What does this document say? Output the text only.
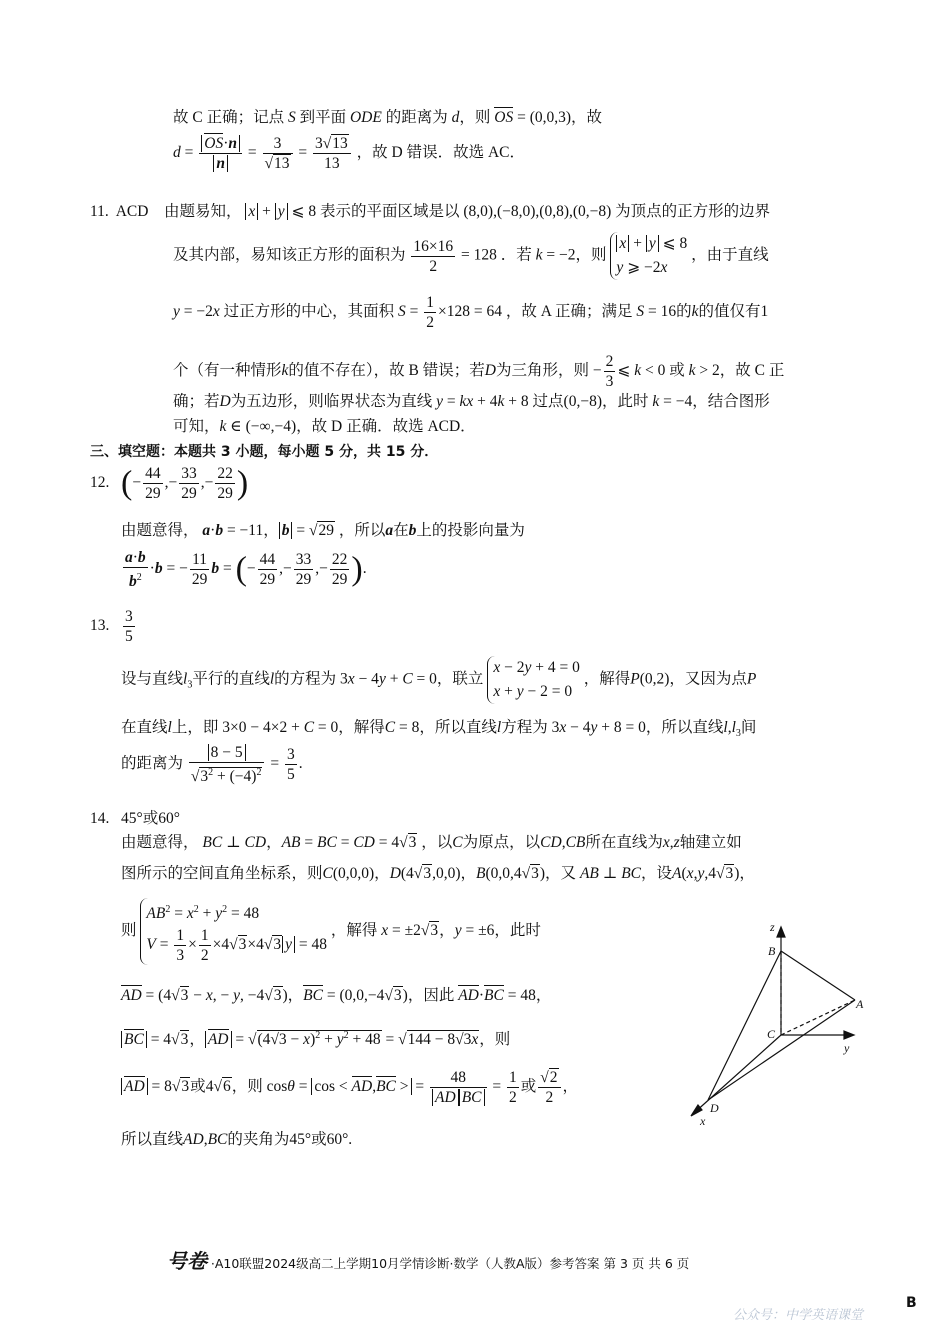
故 C 正确；记点 S 到平面 ODE 的距离为 d，则 OS = (0,0,3)，故
$d = \frac{OS\cdot n}{n} = \frac{3}{√13} = \frac{3√13}{13}$ ，故 D 错误．故选 AC．
11. ACD 由题易知， x + y ⩽ 8 表示的平面区域是以 (8,0),(−8,0),(0,8),(0,−8) 为顶点的正方形的边界
及其内部，易知该正方形的面积为 $\frac{16\times 16}{2} = 128$ ．若 k = −2，则
x + y ⩽ 8
y ⩾ −2x
，由于直线
y = −2x 过正方形的中心，其面积 $S = \frac{1}{2} \times 128 = 64$ ，故 A 正确；满足 S = 16的k的值仅有1
个（有一种情形k的值不存在），故 B 错误；若D为三角形，则 − $\frac{2}{3}$ ⩽ k < 0 或 k > 2，故 C 正
确；若D为五边形，则临界状态为直线 y = kx + 4k + 8 过点(0,−8)，此时 k = −4，结合图形
可知，k ∈ (−∞,−4)，故 D 正确．故选 ACD．
三、填空题：本题共 3 小题，每小题 5 分，共 15 分．
12. (− $\frac{44}{29}$ ,− $\frac{33}{29}$ ,− $\frac{22}{29}$ )
由题意得， a·b = −11， b = √29 ，所以a在b上的投影向量为
$\frac{a\cdot b}{b^2} \cdot b$ = − $\frac{11}{29}$ b = (− $\frac{44}{29}$ ,− $\frac{33}{29}$ ,− $\frac{22}{29}$ ).
13. $\frac{3}{5}$
设与直线$l_3$平行的直线l的方程为 3x − 4y + C = 0，联立
x − 2y + 4 = 0
x + y − 2 = 0
，解得P(0,2)，又因为点P
在直线l上，即 3×0 − 4×2 + C = 0，解得C = 8，所以直线l方程为 3x − 4y + 8 = 0，所以直线$l,l_3$间
的距离为 $\frac{8 - 5}{√3^2 + (-4)^2} = \frac{3}{5}$ .
14.   45°或60°
由题意得， BC ⊥ CD，AB = BC = CD = 4√3 ，以C为原点，以CD,CB所在直线为x,z轴建立如
图所示的空间直角坐标系，则C(0,0,0)，D(4√3,0,0)，B(0,0,4√3)，又 AB ⊥ BC，设A(x,y,4√3)，
则
$AB^2 = x^2 + y^2 = 48$
$V = \frac{1}{3} \times \frac{1}{2} \times 4√3\times 4√3$ y = 48
，解得 x = ±2√3，y = ±6，此时
AD = (4√3 − x, − y, −4√3)，BC = (0,0,−4√3)，因此 AD·BC = 48，
BC = 4√3， AD = $√(4√3 - x)^2 + y^2 + 48 = √144 - 8√3x$，则
AD = 8√3或4√6，则 cosθ = cos < AD,BC > = $\frac{48}{\text{AD BC}} = \frac{1}{2}$ 或 $\frac{√2}{2}$ ，
所以直线AD,BC的夹角为45°或60°.
z
B
A
C
y
D
x
号卷 ·A10联盟2024级高二上学期10月学情诊断·数学（人教A版）参考答案 第 3 页 共 6 页
公众号：中学英语课堂
B
